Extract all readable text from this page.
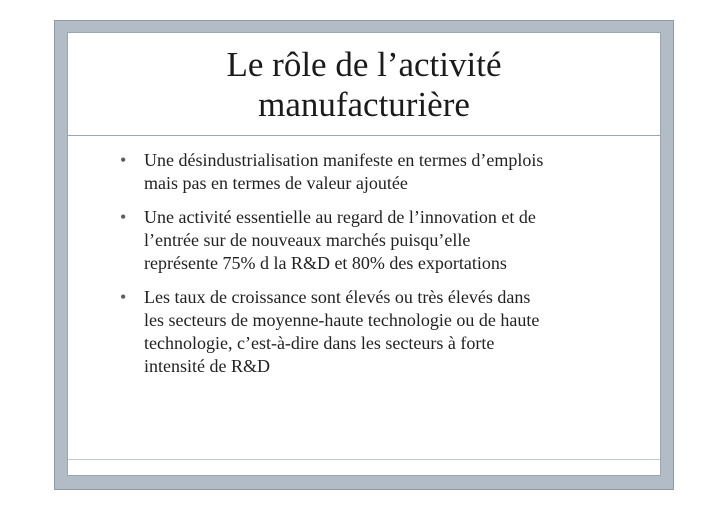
Le rôle de l’activité
manufacturière
• Une désindustrialisation manifeste en termes d’emplois
mais pas en termes de valeur ajoutée
• Une activité essentielle au regard de l’innovation et de
l’entrée sur de nouveaux marchés puisqu’elle
représente 75% d la R&D et 80% des exportations
• Les taux de croissance sont élevés ou très élevés dans
les secteurs de moyenne-haute technologie ou de haute
technologie, c’est-à-dire dans les secteurs à forte
intensité de R&D
